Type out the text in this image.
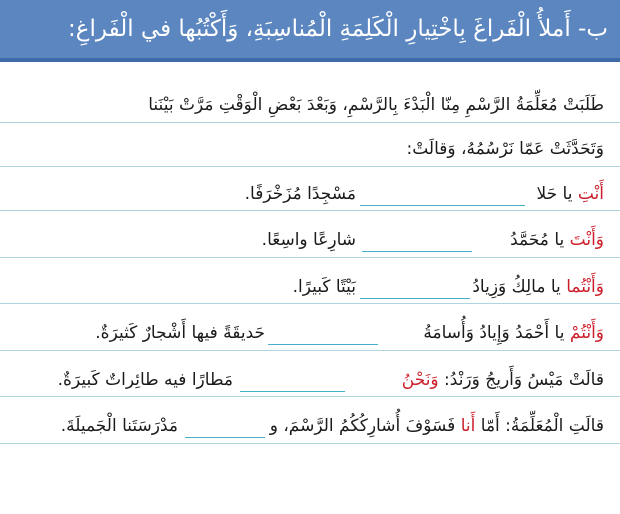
ب- أَملأُ الْفَراغَ بِاخْتِيارِ الْكَلِمَةِ الْمُناسِبَةِ، وَأَكْتُبُها في الْفَراغِ:
طَلَبَتْ مُعَلِّمَةُ الرَّسْمِ مِنّا الْبَدْءَ بِالرَّسْمِ، وَبَعْدَ بَعْضِ الْوَقْتِ مَرَّتْ بَيْنَنا
وَتَحَدَّثَتْ عَمّا نَرْسُمُهُ، وَقالَتْ:
أَنْتِ يا حَلا
مَسْجِدًا مُزَخْرَفًا.
وَأَنْتَ يا مُحَمَّدُ
شارِعًا واسِعًا.
وَأَنْتُما يا مالِكُ وَزِيادُ
بَيْتًا كَبيرًا.
وَأَنْتُمْ يا أَحْمَدُ وَإِيادُ وَأُسامَةُ
حَديقَةً فيها أَشْجارٌ كَثيرَةٌ.
قالَتْ مَيْسُ وَأَريجُ وَرَنْدُ: وَنَحْنُ
مَطارًا فيه طائِراتٌ كَبيرَةٌ.
قالَتِ الْمُعَلِّمَةُ: أَمّا أَنا فَسَوْفَ أُشارِكُكُمُ الرَّسْمَ، و
مَدْرَسَتَنا الْجَميلَةَ.
